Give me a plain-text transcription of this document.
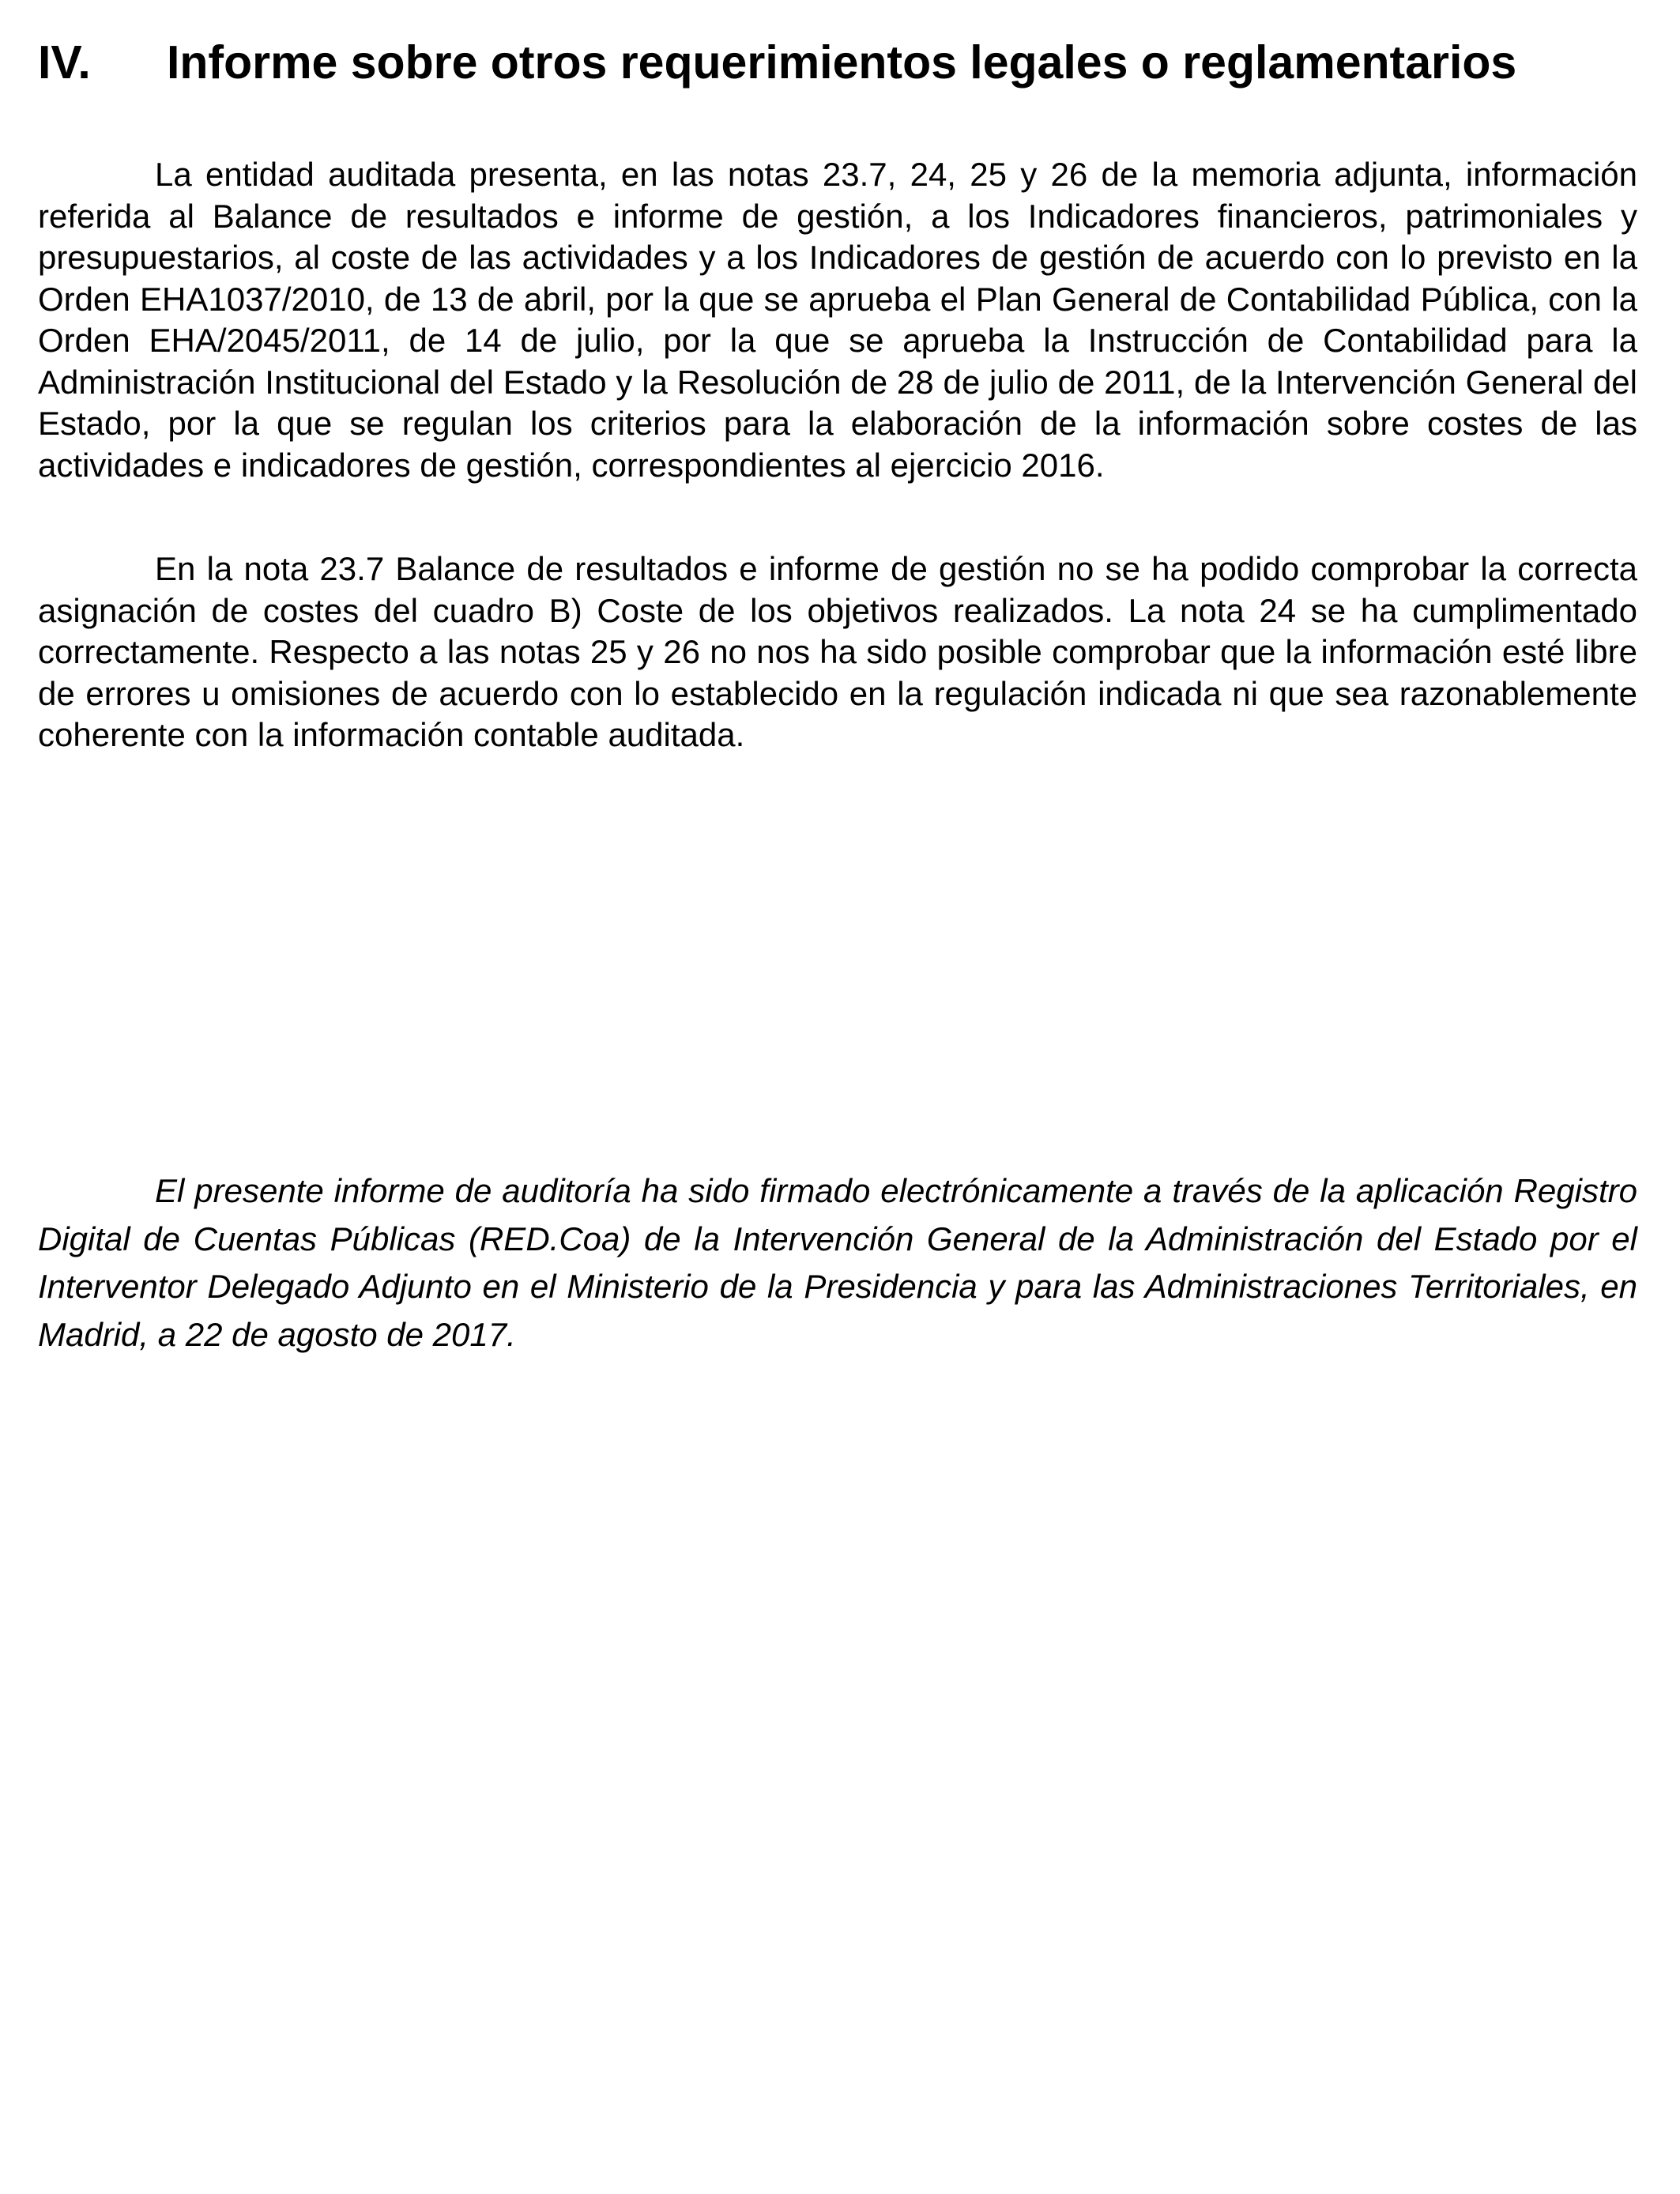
IV. Informe sobre otros requerimientos legales o reglamentarios

La entidad auditada presenta, en las notas 23.7, 24, 25 y 26 de la memoria adjunta, información referida al Balance de resultados e informe de gestión, a los Indicadores financieros, patrimoniales y presupuestarios, al coste de las actividades y a los Indicadores de gestión de acuerdo con lo previsto en la Orden EHA1037/2010, de 13 de abril, por la que se aprueba el Plan General de Contabilidad Pública, con la Orden EHA/2045/2011, de 14 de julio, por la que se aprueba la Instrucción de Contabilidad para la Administración Institucional del Estado y la Resolución de 28 de julio de 2011, de la Intervención General del Estado, por la que se regulan los criterios para la elaboración de la información sobre costes de las actividades e indicadores de gestión, correspondientes al ejercicio 2016.

En la nota 23.7 Balance de resultados e informe de gestión no se ha podido comprobar la correcta asignación de costes del cuadro B) Coste de los objetivos realizados. La nota 24 se ha cumplimentado correctamente. Respecto a las notas 25 y 26 no nos ha sido posible comprobar que la información esté libre de errores u omisiones de acuerdo con lo establecido en la regulación indicada ni que sea razonablemente coherente con la información contable auditada.

El presente informe de auditoría ha sido firmado electrónicamente a través de la aplicación Registro Digital de Cuentas Públicas (RED.Coa) de la Intervención General de la Administración del Estado por el Interventor Delegado Adjunto en el Ministerio de la Presidencia y para las Administraciones Territoriales, en Madrid, a 22 de agosto de 2017.
